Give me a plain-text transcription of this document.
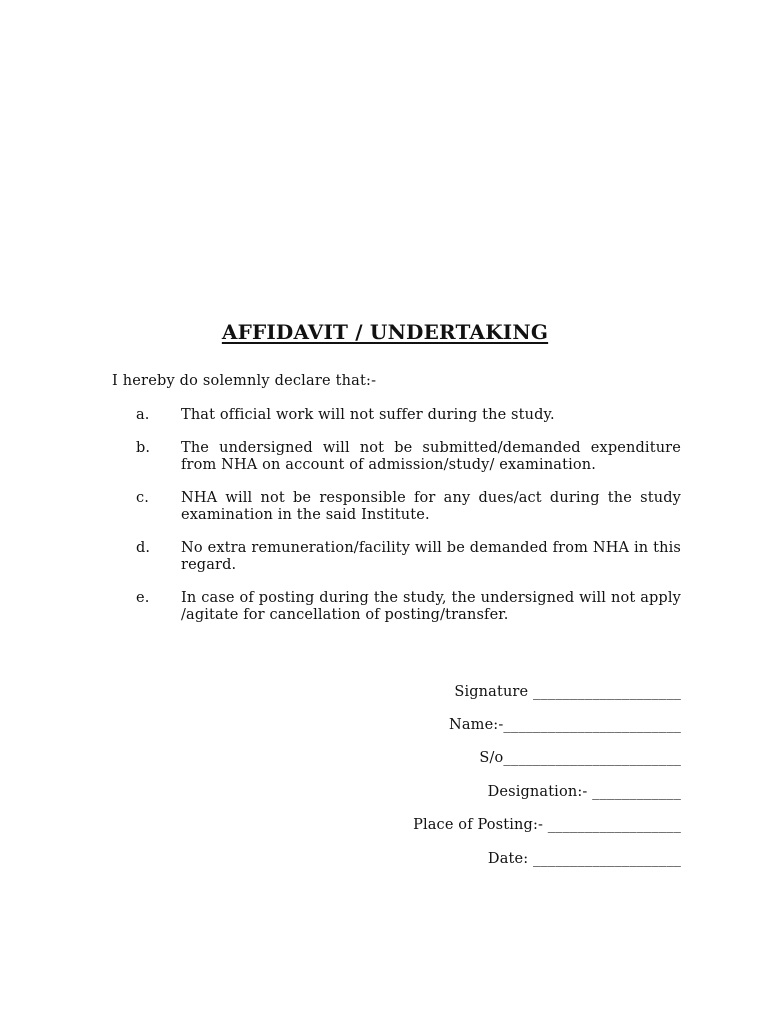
AFFIDAVIT / UNDERTAKING
I hereby do solemnly declare that:-
a.	That official work will not suffer during the study.
b.	The undersigned will not be submitted/demanded expenditure from NHA on account of admission/study/ examination.
c.	NHA will not be responsible for any dues/act during the study examination in the said Institute.
d.	No extra remuneration/facility will be demanded from NHA in this regard.
e.	In case of posting during the study, the undersigned will not apply /agitate for cancellation of posting/transfer.
Signature ____________________
Name:-________________________
S/o________________________
Designation:- ____________
Place of Posting:- __________________
Date: ____________________
